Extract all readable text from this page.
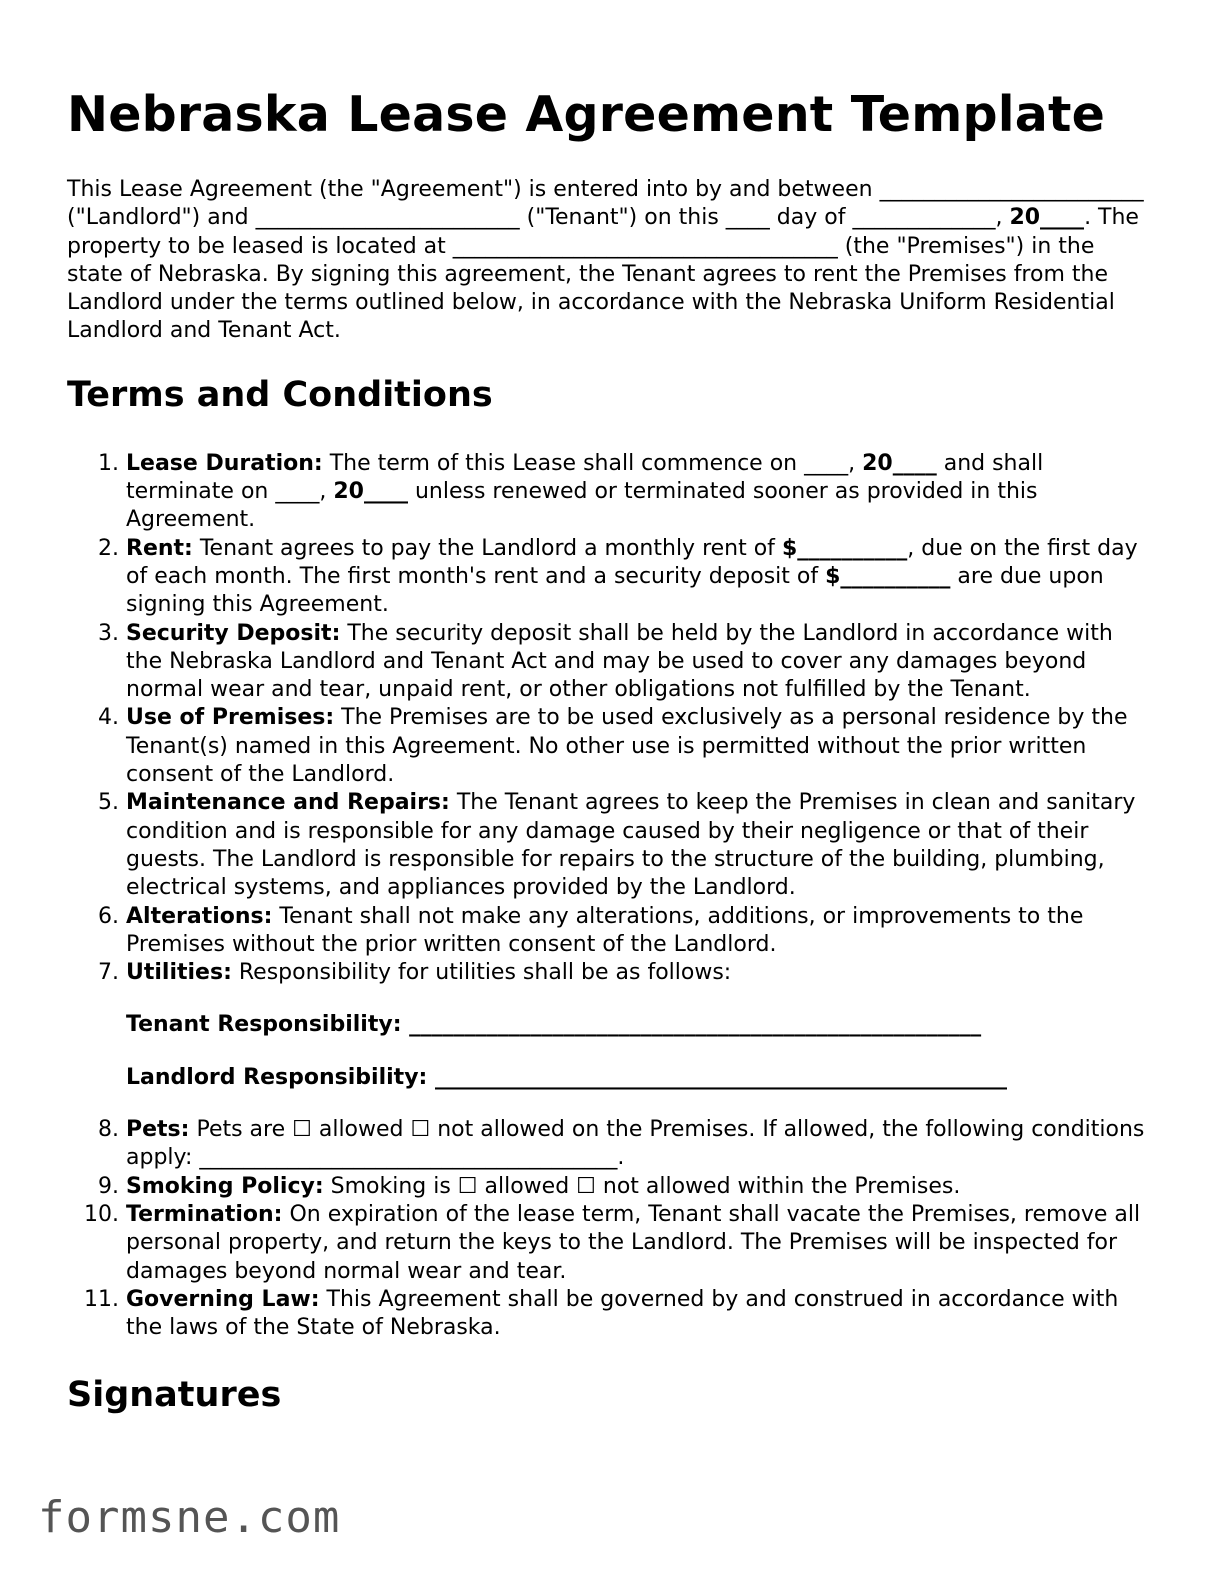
Nebraska Lease Agreement Template

This Lease Agreement (the "Agreement") is entered into by and between ________________________ ("Landlord") and ________________________ ("Tenant") on this ____ day of _____________, 20____. The property to be leased is located at ___________________________________ (the "Premises") in the state of Nebraska. By signing this agreement, the Tenant agrees to rent the Premises from the Landlord under the terms outlined below, in accordance with the Nebraska Uniform Residential Landlord and Tenant Act.

Terms and Conditions
1. Lease Duration: The term of this Lease shall commence on ____, 20____ and shall terminate on ____, 20____ unless renewed or terminated sooner as provided in this Agreement.
2. Rent: Tenant agrees to pay the Landlord a monthly rent of $__________, due on the first day of each month. The first month's rent and a security deposit of $__________ are due upon signing this Agreement.
3. Security Deposit: The security deposit shall be held by the Landlord in accordance with the Nebraska Landlord and Tenant Act and may be used to cover any damages beyond normal wear and tear, unpaid rent, or other obligations not fulfilled by the Tenant.
4. Use of Premises: The Premises are to be used exclusively as a personal residence by the Tenant(s) named in this Agreement. No other use is permitted without the prior written consent of the Landlord.
5. Maintenance and Repairs: The Tenant agrees to keep the Premises in clean and sanitary condition and is responsible for any damage caused by their negligence or that of their guests. The Landlord is responsible for repairs to the structure of the building, plumbing, electrical systems, and appliances provided by the Landlord.
6. Alterations: Tenant shall not make any alterations, additions, or improvements to the Premises without the prior written consent of the Landlord.
7. Utilities: Responsibility for utilities shall be as follows:
Tenant Responsibility: ____________________________________________________
Landlord Responsibility: ____________________________________________________
8. Pets: Pets are ☐ allowed ☐ not allowed on the Premises. If allowed, the following conditions apply: ______________________________________.
9. Smoking Policy: Smoking is ☐ allowed ☐ not allowed within the Premises.
10. Termination: On expiration of the lease term, Tenant shall vacate the Premises, remove all personal property, and return the keys to the Landlord. The Premises will be inspected for damages beyond normal wear and tear.
11. Governing Law: This Agreement shall be governed by and construed in accordance with the laws of the State of Nebraska.
Signatures
formsne.com
